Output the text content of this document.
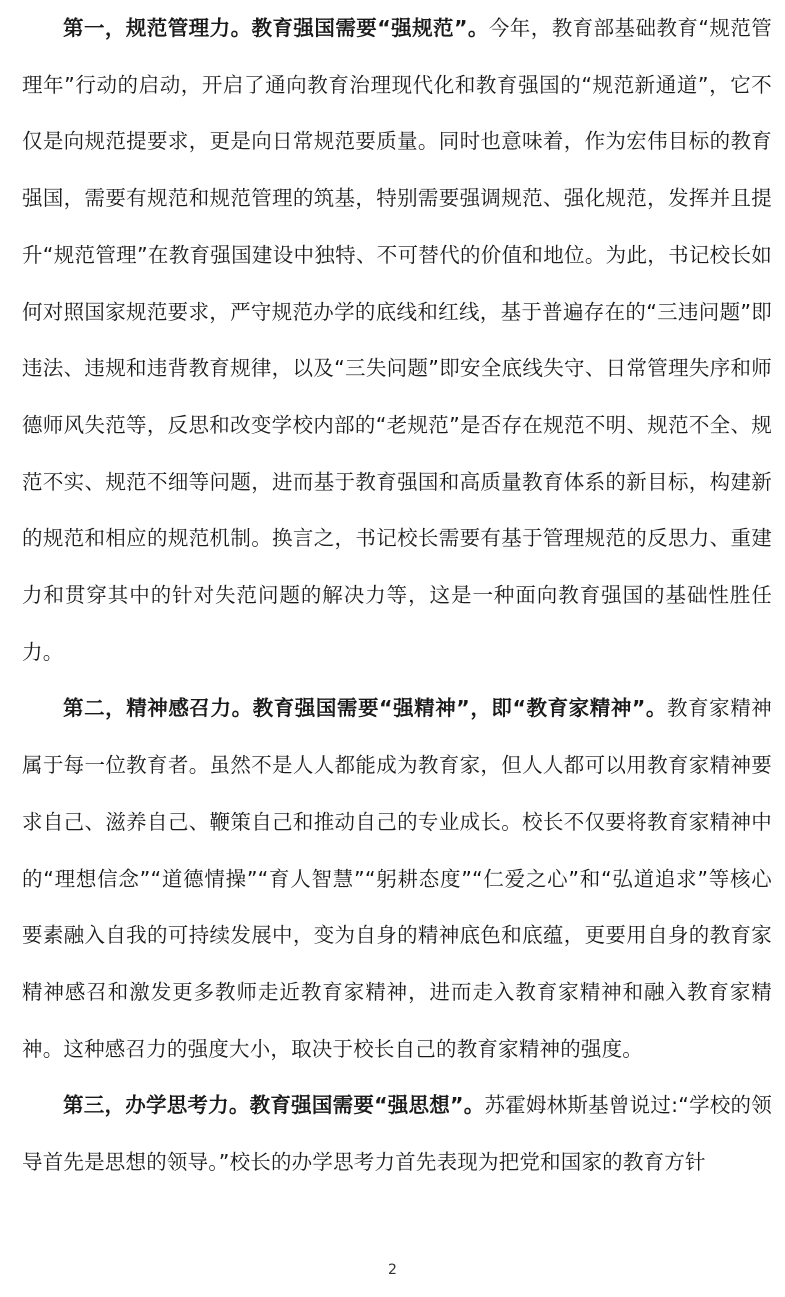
第一，规范管理力。教育强国需要“强规范”。今年，教育部基础教育“规范管理年”行动的启动，开启了通向教育治理现代化和教育强国的“规范新通道”，它不仅是向规范提要求，更是向日常规范要质量。同时也意味着，作为宏伟目标的教育强国，需要有规范和规范管理的筑基，特别需要强调规范、强化规范，发挥并且提升“规范管理”在教育强国建设中独特、不可替代的价值和地位。为此，书记校长如何对照国家规范要求，严守规范办学的底线和红线，基于普遍存在的“三违问题”即违法、违规和违背教育规律，以及“三失问题”即安全底线失守、日常管理失序和师德师风失范等，反思和改变学校内部的“老规范”是否存在规范不明、规范不全、规范不实、规范不细等问题，进而基于教育强国和高质量教育体系的新目标，构建新的规范和相应的规范机制。换言之，书记校长需要有基于管理规范的反思力、重建力和贯穿其中的针对失范问题的解决力等，这是一种面向教育强国的基础性胜任力。

第二，精神感召力。教育强国需要“强精神”，即“教育家精神”。教育家精神属于每一位教育者。虽然不是人人都能成为教育家，但人人都可以用教育家精神要求自己、滋养自己、鞭策自己和推动自己的专业成长。校长不仅要将教育家精神中的“理想信念”“道德情操”“育人智慧”“躬耕态度”“仁爱之心”和“弘道追求”等核心要素融入自我的可持续发展中，变为自身的精神底色和底蕴，更要用自身的教育家精神感召和激发更多教师走近教育家精神，进而走入教育家精神和融入教育家精神。这种感召力的强度大小，取决于校长自己的教育家精神的强度。

第三，办学思考力。教育强国需要“强思想”。苏霍姆林斯基曾说过:“学校的领导首先是思想的领导。”校长的办学思考力首先表现为把党和国家的教育方针

2
